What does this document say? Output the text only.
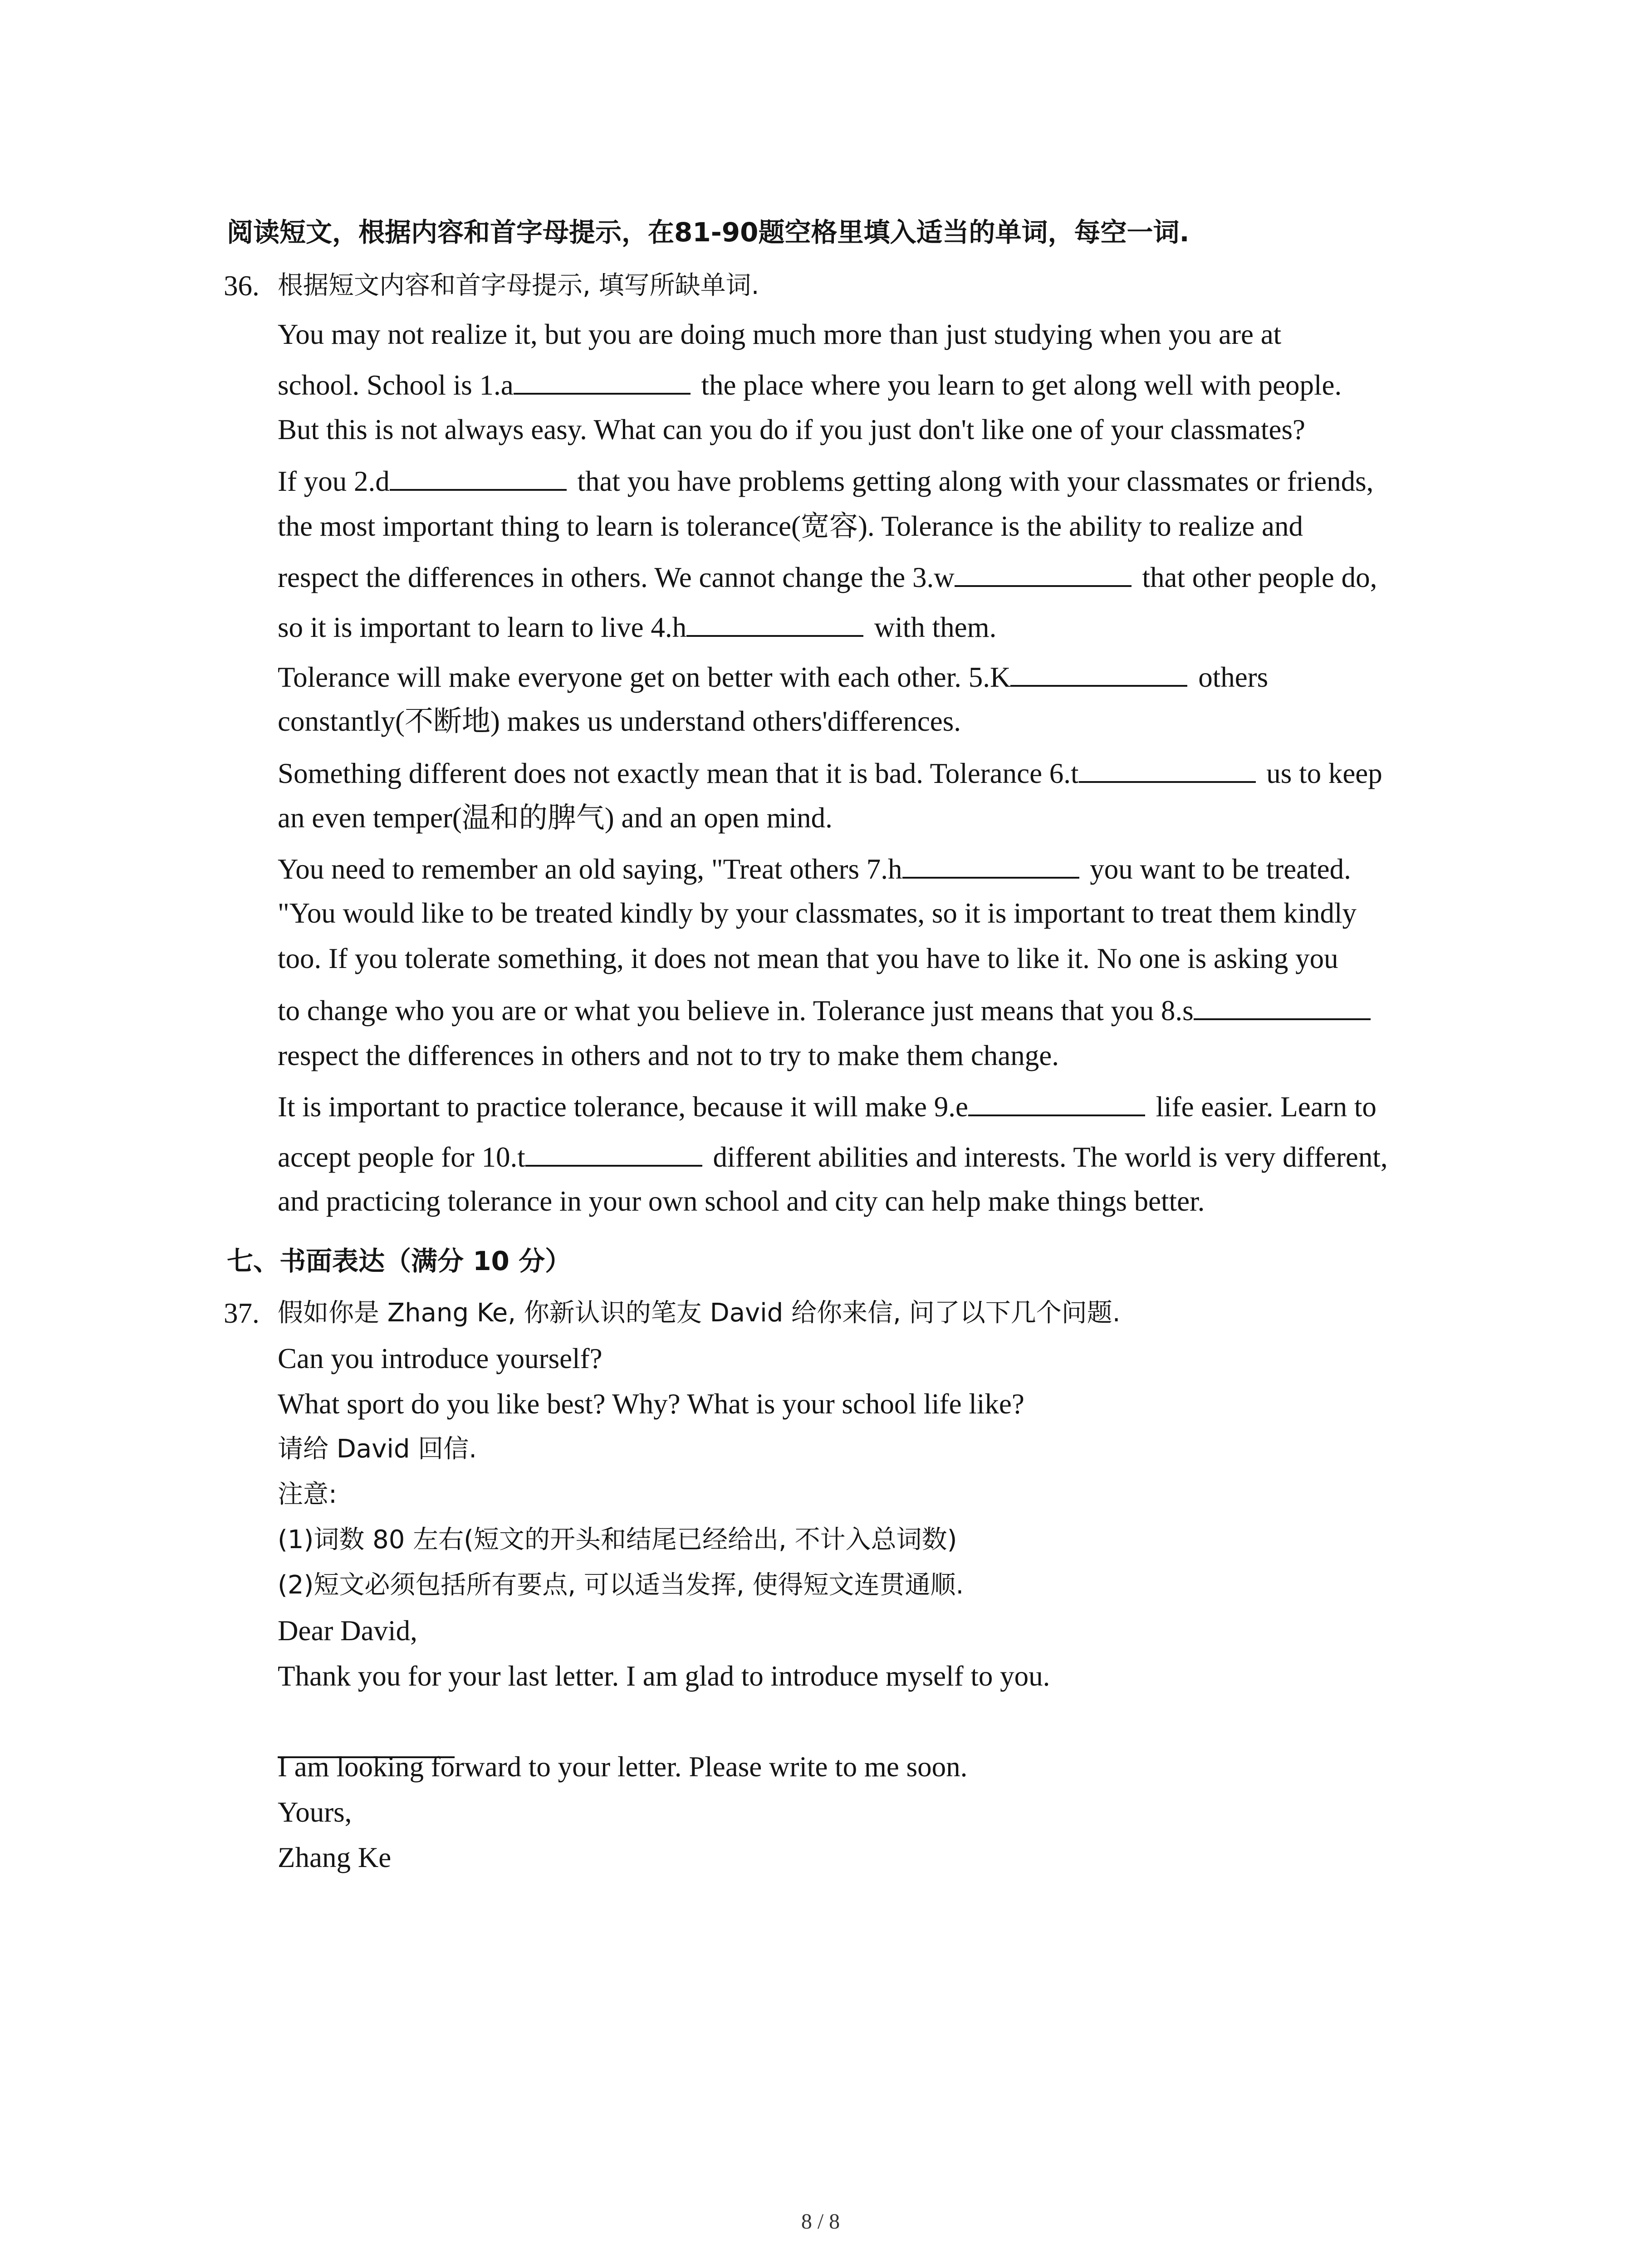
阅读短文，根据内容和首字母提示，在81-90题空格里填入适当的单词，每空一词.
36. 根据短文内容和首字母提示, 填写所缺单词.
You may not realize it, but you are doing much more than just studying when you are at
school. School is 1.a	the place where you learn to get along well with people.
But this is not always easy. What can you do if you just don't like one of your classmates?
If you 2.d	that you have problems getting along with your classmates or friends,
the most important thing to learn is tolerance(宽容). Tolerance is the ability to realize and
respect the differences in others. We cannot change the 3.w	that other people do,
so it is important to learn to live 4.h	with them.
Tolerance will make everyone get on better with each other. 5.K	others
constantly(不断地) makes us understand others'differences.
Something different does not exactly mean that it is bad. Tolerance 6.t	us to keep
an even temper(温和的脾气) and an open mind.
You need to remember an old saying, "Treat others 7.h	you want to be treated.
"You would like to be treated kindly by your classmates, so it is important to treat them kindly
too. If you tolerate something, it does not mean that you have to like it. No one is asking you
to change who you are or what you believe in. Tolerance just means that you 8.s
respect the differences in others and not to try to make them change.
It is important to practice tolerance, because it will make 9.e	life easier. Learn to
accept people for 10.t	different abilities and interests. The world is very different,
and practicing tolerance in your own school and city can help make things better.
七、书面表达（满分 10 分）
37. 假如你是 Zhang Ke, 你新认识的笔友 David 给你来信, 问了以下几个问题.
Can you introduce yourself?
What sport do you like best? Why? What is your school life like?
请给 David 回信.
注意:
(1)词数 80 左右(短文的开头和结尾已经给出, 不计入总词数)
(2)短文必须包括所有要点, 可以适当发挥, 使得短文连贯通顺.
Dear David,
Thank you for your last letter. I am glad to introduce myself to you.
I am looking forward to your letter. Please write to me soon.
Yours,
Zhang Ke
8 / 8
